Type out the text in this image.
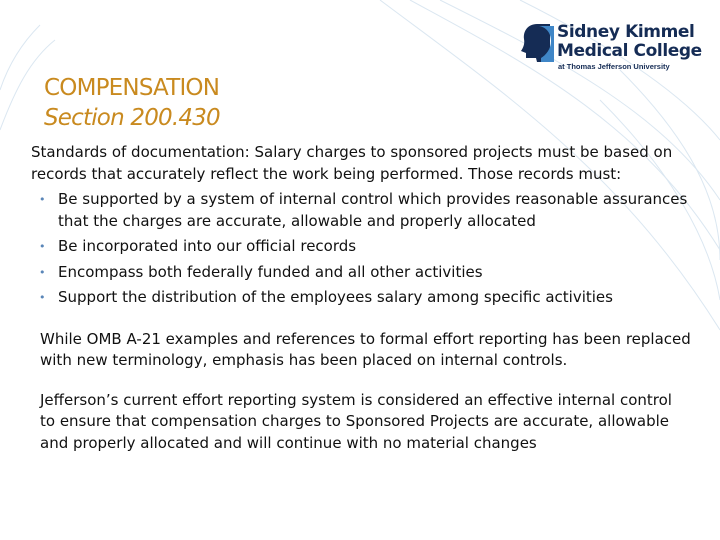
Sidney Kimmel
Medical College
at Thomas Jefferson University
COMPENSATION
Section 200.430

Standards of documentation: Salary charges to sponsored projects must be based on records that accurately reflect the work being performed. Those records must:

• Be supported by a system of internal control which provides reasonable assurances that the charges are accurate, allowable and properly allocated
• Be incorporated into our official records
• Encompass both federally funded and all other activities
• Support the distribution of the employees salary among specific activities

While OMB A-21 examples and references to formal effort reporting has been replaced with new terminology, emphasis has been placed on internal controls.

Jefferson’s current effort reporting system is considered an effective internal control to ensure that compensation charges to Sponsored Projects are accurate, allowable and properly allocated and will continue with no material changes
